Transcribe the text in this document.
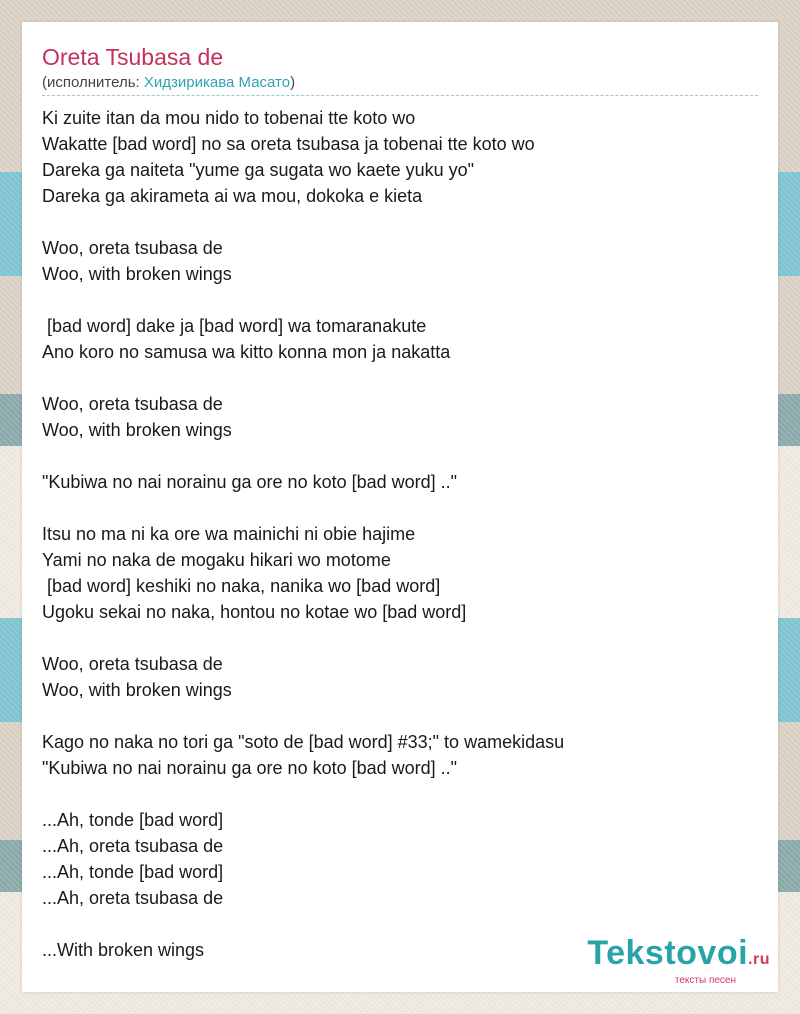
Oreta Tsubasa de
(исполнитель: Хидзирикава Масато)
Ki zuite itan da mou nido to tobenai tte koto wo
Wakatte [bad word] no sa oreta tsubasa ja tobenai tte koto wo
Dareka ga naiteta "yume ga sugata wo kaete yuku yo"
Dareka ga akirameta ai wa mou, dokoka e kieta
Woo, oreta tsubasa de
Woo, with broken wings
[bad word] dake ja [bad word] wa tomaranakute
Ano koro no samusa wa kitto konna mon ja nakatta
Woo, oreta tsubasa de
Woo, with broken wings
"Kubiwa no nai norainu ga ore no koto [bad word] .."
Itsu no ma ni ka ore wa mainichi ni obie hajime
Yami no naka de mogaku hikari wo motome
[bad word] keshiki no naka, nanika wo [bad word]
Ugoku sekai no naka, hontou no kotae wo [bad word]
Woo, oreta tsubasa de
Woo, with broken wings
Kago no naka no tori ga "soto de [bad word] #33;" to wamekidasu
"Kubiwa no nai norainu ga ore no koto [bad word] .."
...Ah, tonde [bad word]
...Ah, oreta tsubasa de
...Ah, tonde [bad word]
...Ah, oreta tsubasa de
...With broken wings	Tekstovoi.ru
тексты песен
